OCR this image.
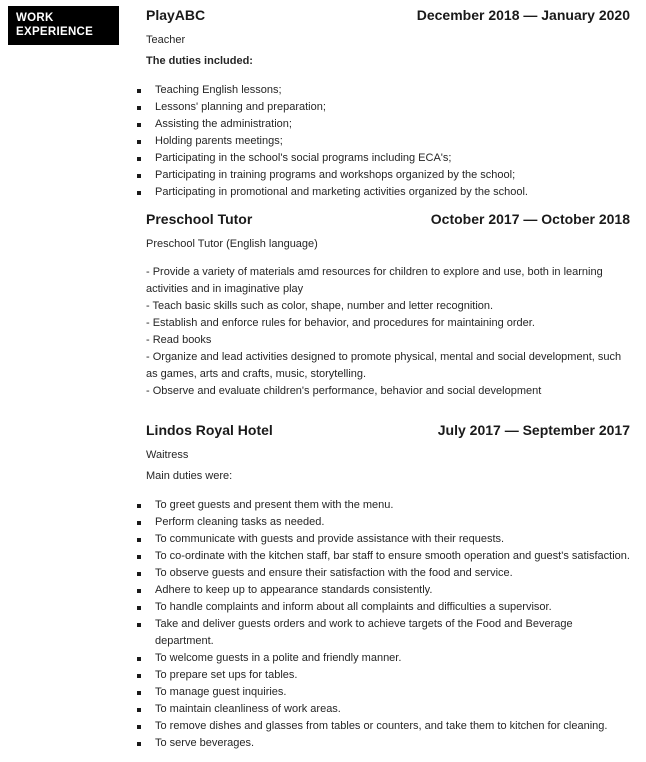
WORK
EXPERIENCE
PlayABC	December 2018 — January 2020
Teacher
The duties included:
Teaching English lessons;
Lessons' planning and preparation;
Assisting the administration;
Holding parents meetings;
Participating in the school's social programs including ECA's;
Participating in training programs and workshops organized by the school;
Participating in promotional and marketing activities organized by the school.
Preschool Tutor	October 2017 — October 2018
Preschool Tutor (English language)
- Provide a variety of materials amd resources for children to explore and use, both in learning activities and in imaginative play
- Teach basic skills such as color, shape, number and letter recognition.
- Establish and enforce rules for behavior, and procedures for maintaining order.
- Read books
- Organize and lead activities designed to promote physical, mental and social development, such as games, arts and crafts, music, storytelling.
- Observe and evaluate children's performance, behavior and social development
Lindos Royal Hotel	July 2017 — September 2017
Waitress
Main duties were:
To greet guests and present them with the menu.
Perform cleaning tasks as needed.
To communicate with guests and provide assistance with their requests.
To co-ordinate with the kitchen staff, bar staff to ensure smooth operation and guest's satisfaction.
To observe guests and ensure their satisfaction with the food and service.
Adhere to keep up to appearance standards consistently.
To handle complaints and inform about all complaints and difficulties a supervisor.
Take and deliver guests orders and work to achieve targets of the Food and Beverage department.
To welcome guests in a polite and friendly manner.
To prepare set ups for tables.
To manage guest inquiries.
To maintain cleanliness of work areas.
To remove dishes and glasses from tables or counters, and take them to kitchen for cleaning.
To serve beverages.
